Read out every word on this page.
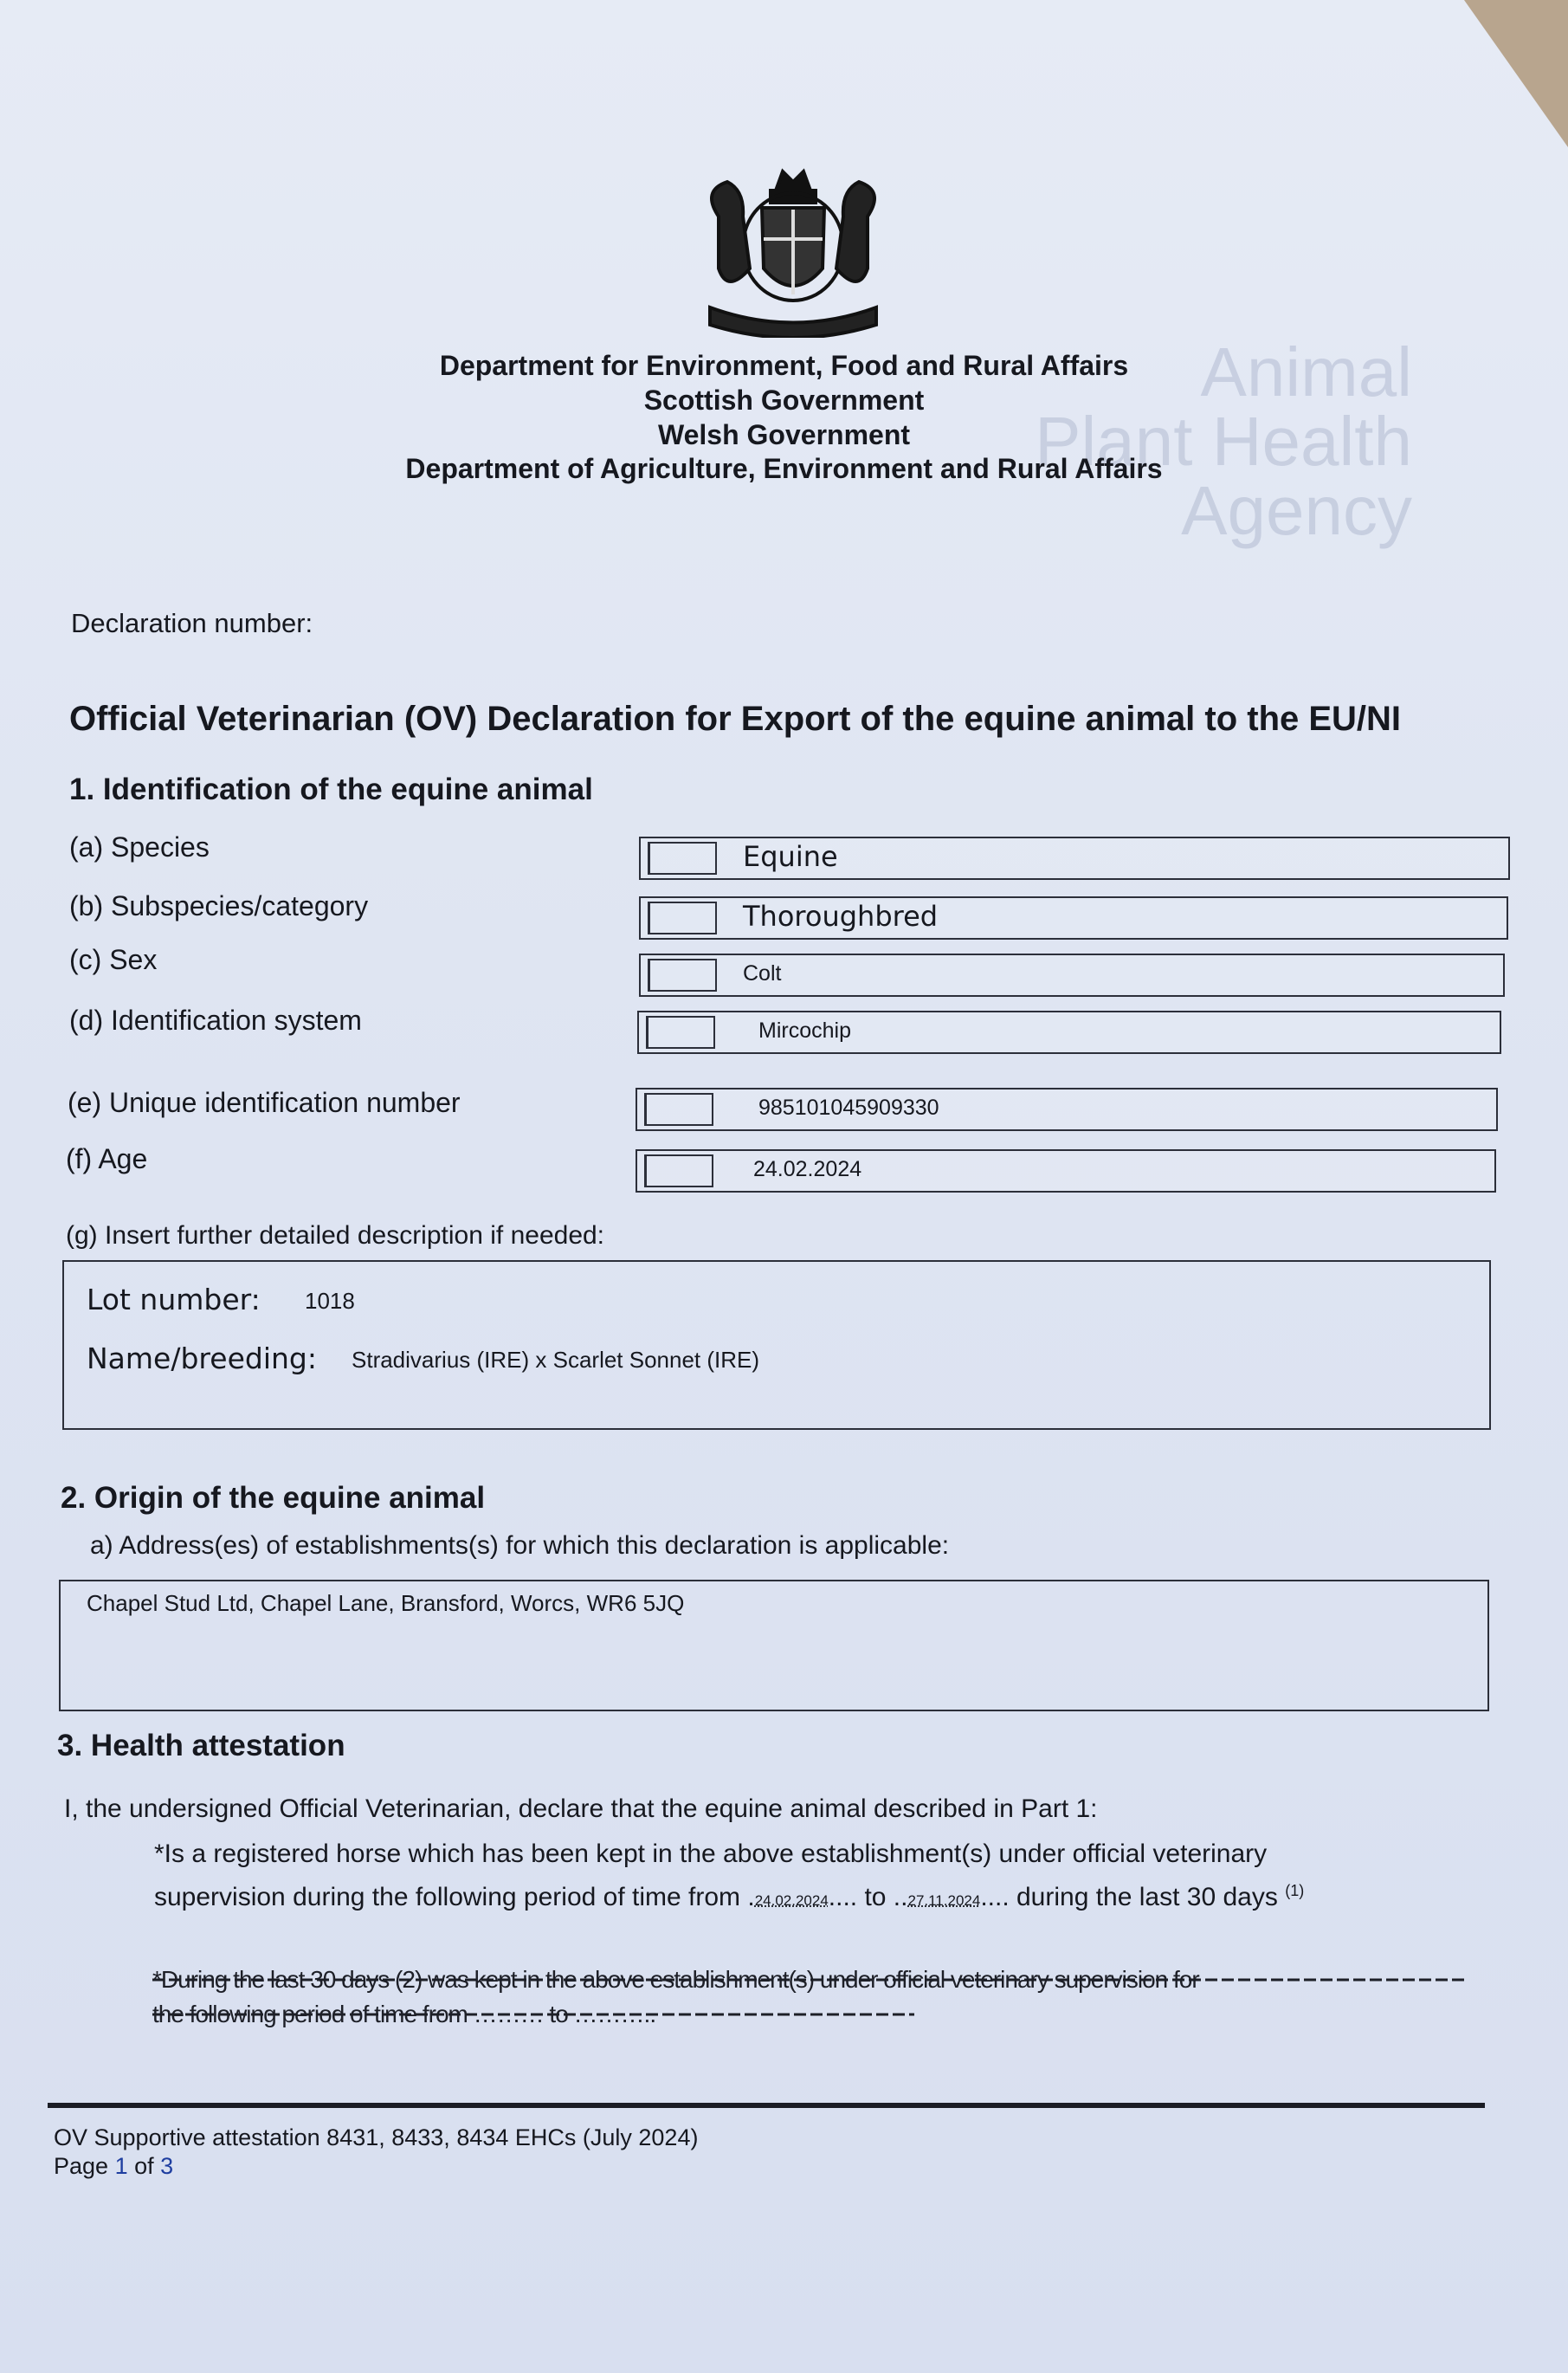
Animal
Plant Health
Agency
Department for Environment, Food and Rural Affairs
Scottish Government
Welsh Government
Department of Agriculture, Environment and Rural Affairs
Declaration number:
Official Veterinarian (OV) Declaration for Export of the equine animal to the EU/NI
1. Identification of the equine animal
(a) Species	Equine
(b) Subspecies/category	Thoroughbred
(c) Sex	Colt
(d) Identification system	Mircochip
(e) Unique identification number	985101045909330
(f) Age	24.02.2024
(g) Insert further detailed description if needed:
Lot number: 1018
Name/breeding: Stradivarius (IRE) x Scarlet Sonnet (IRE)
2. Origin of the equine animal
a) Address(es) of establishments(s) for which this declaration is applicable:
Chapel Stud Ltd, Chapel Lane, Bransford, Worcs, WR6 5JQ
3. Health attestation
I, the undersigned Official Veterinarian, declare that the equine animal described in Part 1:
*Is a registered horse which has been kept in the above establishment(s) under official veterinary
supervision during the following period of time from .24.02.2024.... to ..27.11.2024.... during the last 30 days $^{(1)}$
*During the last 30 days (2) was kept in the above establishment(s) under official veterinary supervision for
the following period of time from ……… to ………..
OV Supportive attestation 8431, 8433, 8434 EHCs (July 2024)
Page 1 of 3
